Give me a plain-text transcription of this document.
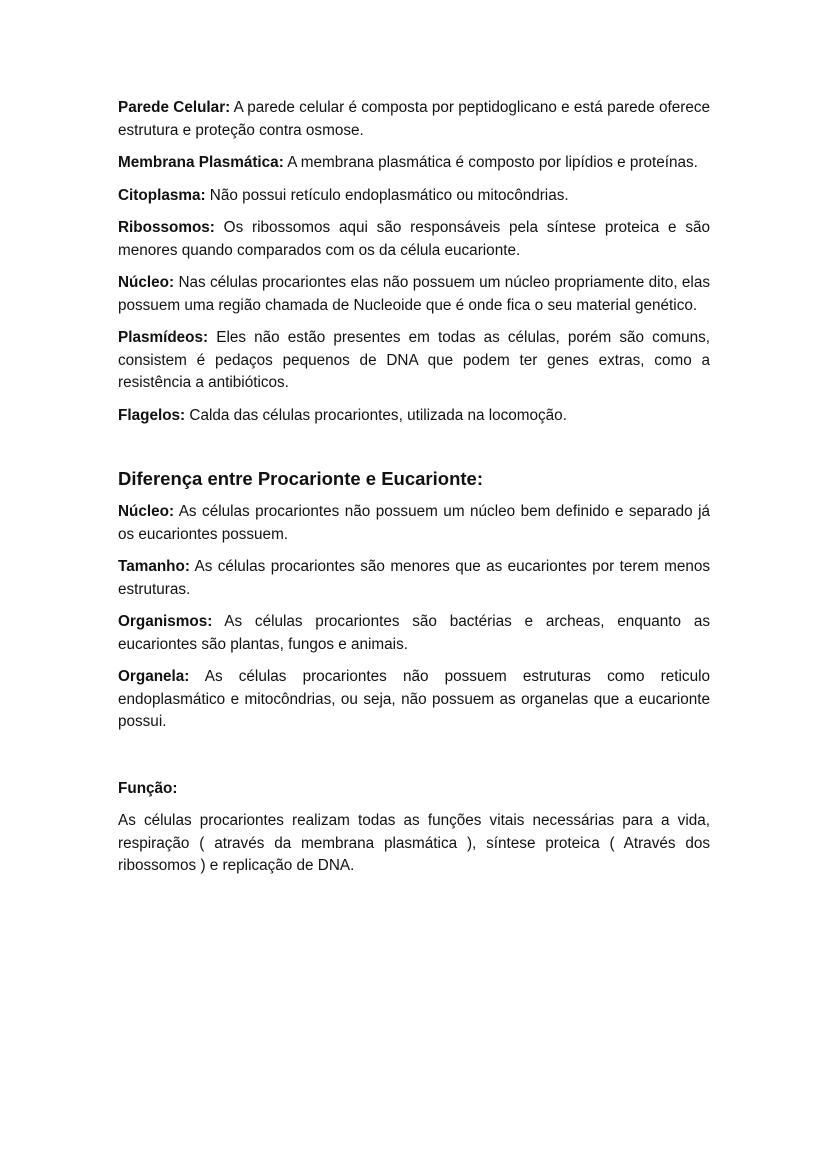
Parede Celular: A parede celular é composta por peptidoglicano e está parede oferece estrutura e proteção contra osmose.

Membrana Plasmática: A membrana plasmática é composto por lipídios e proteínas.

Citoplasma: Não possui retículo endoplasmático ou mitocôndrias.

Ribossomos: Os ribossomos aqui são responsáveis pela síntese proteica e são menores quando comparados com os da célula eucarionte.

Núcleo: Nas células procariontes elas não possuem um núcleo propriamente dito, elas possuem uma região chamada de Nucleoide que é onde fica o seu material genético.

Plasmídeos: Eles não estão presentes em todas as células, porém são comuns, consistem é pedaços pequenos de DNA que podem ter genes extras, como a resistência a antibióticos.

Flagelos: Calda das células procariontes, utilizada na locomoção.

Diferença entre Procarionte e Eucarionte:

Núcleo: As células procariontes não possuem um núcleo bem definido e separado já os eucariontes possuem.

Tamanho: As células procariontes são menores que as eucariontes por terem menos estruturas.

Organismos: As células procariontes são bactérias e archeas, enquanto as eucariontes são plantas, fungos e animais.

Organela: As células procariontes não possuem estruturas como reticulo endoplasmático e mitocôndrias, ou seja, não possuem as organelas que a eucarionte possui.

Função:

As células procariontes realizam todas as funções vitais necessárias para a vida, respiração ( através da membrana plasmática ), síntese proteica ( Através dos ribossomos ) e replicação de DNA.
